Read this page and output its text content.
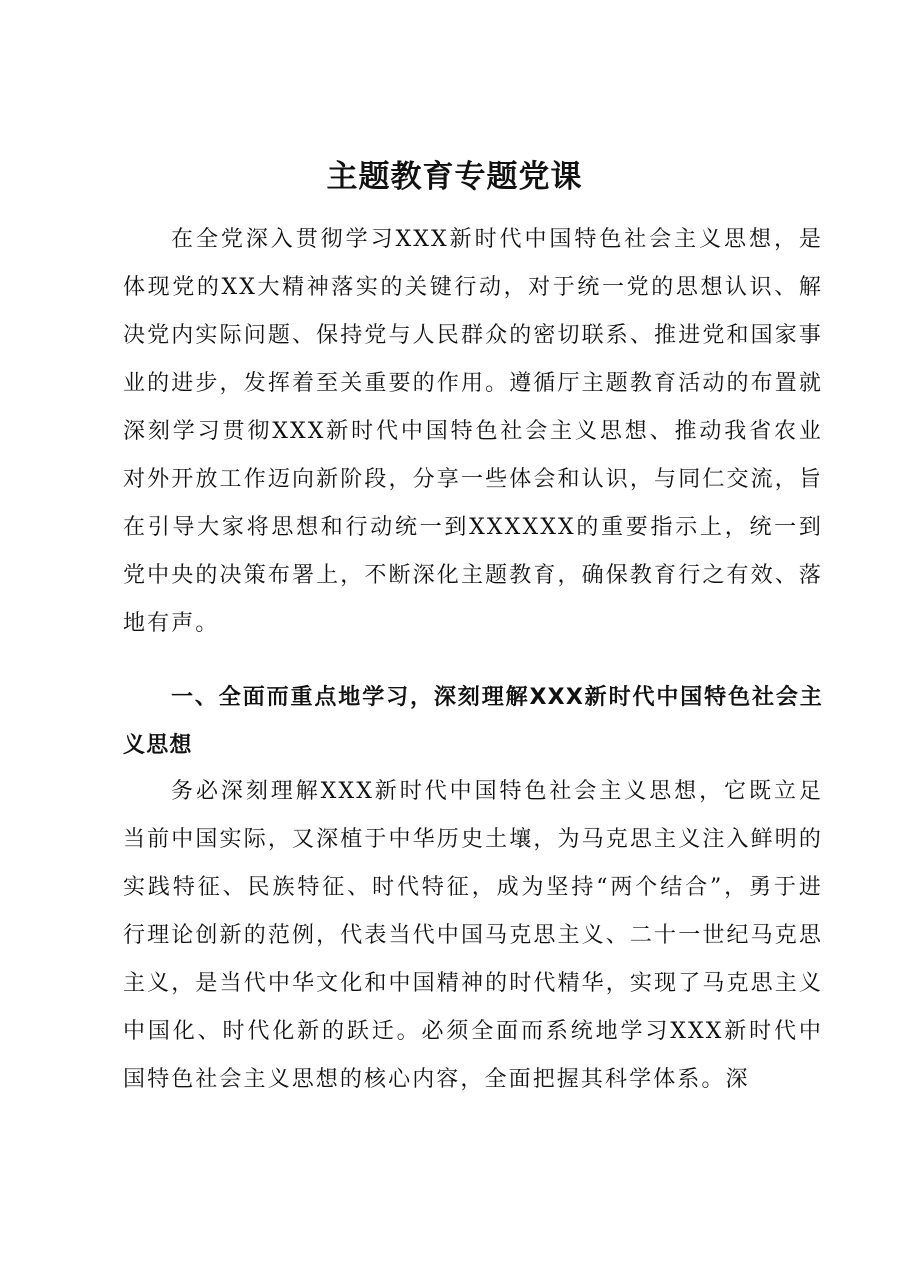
主题教育专题党课

在全党深入贯彻学习XXX新时代中国特色社会主义思想，是体现党的XX大精神落实的关键行动，对于统一党的思想认识、解决党内实际问题、保持党与人民群众的密切联系、推进党和国家事业的进步，发挥着至关重要的作用。遵循厅主题教育活动的布置就深刻学习贯彻XXX新时代中国特色社会主义思想、推动我省农业对外开放工作迈向新阶段，分享一些体会和认识，与同仁交流，旨在引导大家将思想和行动统一到XXXXXX的重要指示上，统一到党中央的决策布署上，不断深化主题教育，确保教育行之有效、落地有声。

一、全面而重点地学习，深刻理解XXX新时代中国特色社会主义思想

务必深刻理解XXX新时代中国特色社会主义思想，它既立足当前中国实际，又深植于中华历史土壤，为马克思主义注入鲜明的实践特征、民族特征、时代特征，成为坚持“两个结合”，勇于进行理论创新的范例，代表当代中国马克思主义、二十一世纪马克思主义，是当代中华文化和中国精神的时代精华，实现了马克思主义中国化、时代化新的跃迁。必须全面而系统地学习XXX新时代中国特色社会主义思想的核心内容，全面把握其科学体系。深
